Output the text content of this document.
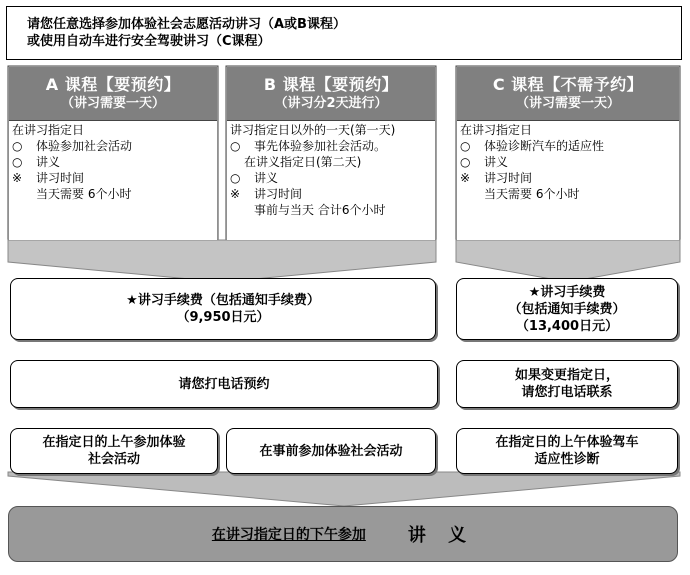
请您任意选择参加体验社会志愿活动讲习（A或B课程）
或使用自动车进行安全驾驶讲习（C课程）
A 课程【要预约】
（讲习需要一天）
在讲习指定日
○ 体验参加社会活动
○ 讲义
※ 讲习时间
当天需要 6个小时
B 课程【要预约】
（讲习分2天进行）
讲习指定日以外的一天(第一天)
○ 事先体验参加社会活动。
在讲义指定日(第二天)
○ 讲义
※ 讲习时间
事前与当天 合计6个小时
C 课程【不需予约】
（讲习需要一天）
在讲习指定日
○ 体验诊断汽车的适应性
○ 讲义
※ 讲习时间
当天需要 6个小时
★讲习手续费（包括通知手续费）
（9,950日元）
★讲习手续费
（包括通知手续费）
（13,400日元）
请您打电话预约
如果变更指定日，
请您打电话联系
在指定日的上午参加体验
社会活动
在事前参加体验社会活动
在指定日的上午体验驾车
适应性诊断
在讲习指定日的下午参加 讲 义
